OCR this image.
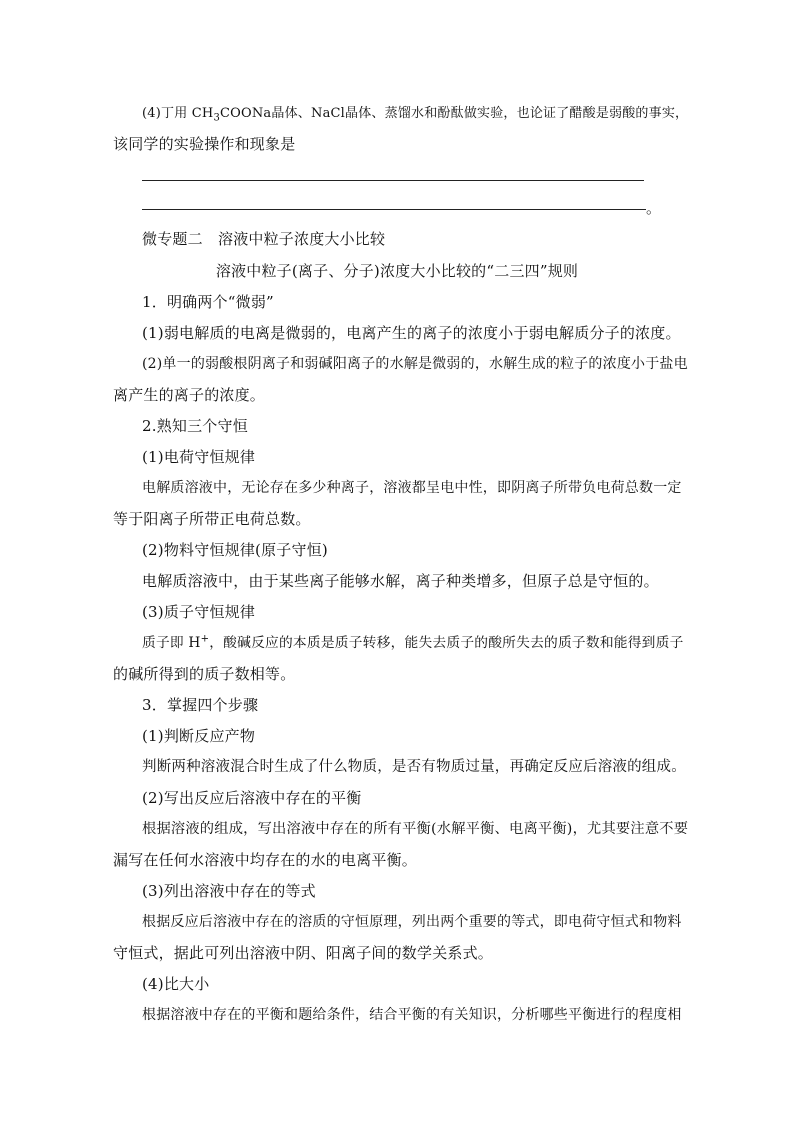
(4)丁用 $CH_3COONa$晶体、NaCl晶体、蒸馏水和酚酞做实验，也论证了醋酸是弱酸的事实，

该同学的实验操作和现象是

。

微专题二　溶液中粒子浓度大小比较

溶液中粒子(离子、分子)浓度大小比较的“二三四”规则

1．明确两个“微弱”

(1)弱电解质的电离是微弱的，电离产生的离子的浓度小于弱电解质分子的浓度。

(2)单一的弱酸根阴离子和弱碱阳离子的水解是微弱的，水解生成的粒子的浓度小于盐电

离产生的离子的浓度。

2.熟知三个守恒

(1)电荷守恒规律

电解质溶液中，无论存在多少种离子，溶液都呈电中性，即阴离子所带负电荷总数一定

等于阳离子所带正电荷总数。

(2)物料守恒规律(原子守恒)

电解质溶液中，由于某些离子能够水解，离子种类增多，但原子总是守恒的。

(3)质子守恒规律

质子即 H+，酸碱反应的本质是质子转移，能失去质子的酸所失去的质子数和能得到质子

的碱所得到的质子数相等。

3．掌握四个步骤

(1)判断反应产物

判断两种溶液混合时生成了什么物质，是否有物质过量，再确定反应后溶液的组成。

(2)写出反应后溶液中存在的平衡

根据溶液的组成，写出溶液中存在的所有平衡(水解平衡、电离平衡)，尤其要注意不要

漏写在任何水溶液中均存在的水的电离平衡。

(3)列出溶液中存在的等式

根据反应后溶液中存在的溶质的守恒原理，列出两个重要的等式，即电荷守恒式和物料

守恒式，据此可列出溶液中阴、阳离子间的数学关系式。

(4)比大小

根据溶液中存在的平衡和题给条件，结合平衡的有关知识，分析哪些平衡进行的程度相
